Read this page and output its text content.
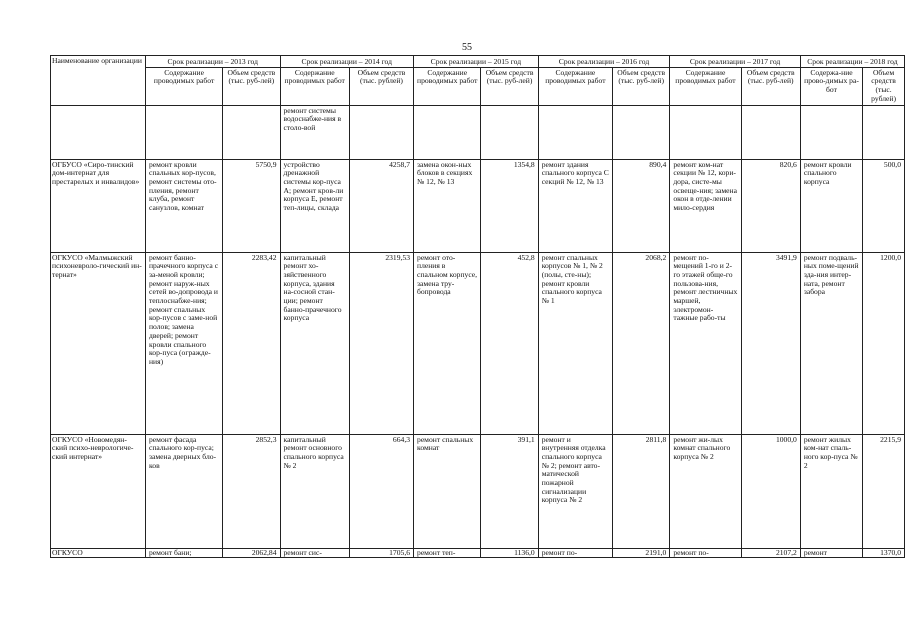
55
Наименование организации	Срок реализации – 2013 год		Срок реализации – 2014 год		Срок реализации – 2015 год		Срок реализации – 2016 год		Срок реализации – 2017 год		Срок реализации – 2018 год	
	Содержание проводимых работ	Объем средств (тыс. руб-лей)	Содержание проводимых работ	Объем средств (тыс. рублей)	Содержание проводимых работ	Объем средств (тыс. руб-лей)	Содержание проводимых работ	Объем средств (тыс. руб-лей)	Содержание проводимых работ	Объем средств (тыс. руб-лей)	Содержа-ние прово-димых ра-бот	Объем средств (тыс. рублей)
			ремонт системы водоснабже-ния в столо-вой									
ОГБУСО «Сиро-тинский дом-интернат для престарелых и инвалидов»	ремонт кровли спальных кор-пусов, ремонт системы ото-пления, ремонт клуба, ремонт санузлов, комнат	5750,9	устройство дренажной системы кор-пуса А; ремонт кров-ли корпуса Е, ремонт теп-лицы, склада	4258,7	замена окон-ных блоков в секциях № 12, № 13	1354,8	ремонт здания спального корпуса С секций № 12, № 13	890,4	ремонт ком-нат секции № 12, кори-дора, систе-мы освеще-ния; замена окон в отде-лении мило-сердия	820,6	ремонт кровли спального корпуса	500,0
ОГКУСО «Малмыжский психоневроло-гический ин-тернат»	ремонт банно-прачечного корпуса с за-меной кровли; ремонт наруж-ных сетей во-допровода и теплоснабже-ния; ремонт спальных кор-пусов с заме-ной полов; замена дверей; ремонт кровли спального кор-пуса (огражде-ния)	2283,42	капитальный ремонт хо-зяйственного корпуса, здания на-сосной стан-ции; ремонт банно-прачечного корпуса	2319,53	ремонт ото-пления в спальном корпусе, замена тру-бопровода	452,8	ремонт спальных корпусов № 1, № 2 (полы, сте-ны); ремонт кровли спального корпуса № 1	2068,2	ремонт по-мещений 1-го и 2-го этажей обще-го пользова-ния, ремонт лестничных маршей, электромон-тажные рабо-ты	3491,9	ремонт подваль-ных поме-щений зда-ния интер-ната, ремонт забора	1200,0
ОГКУСО «Новомедян-ский психо-неврологиче-ский интернат»	ремонт фасада спального кор-пуса; замена дверных бло-ков	2852,3	капитальный ремонт основного спального корпуса № 2	664,3	ремонт спальных комнат	391,1	ремонт и внутренняя отделка спального корпуса № 2; ремонт авто-матической пожарной сигнализации корпуса № 2	2811,8	ремонт жи-лых комнат спального корпуса № 2	1000,0	ремонт жилых ком-нат спаль-ного кор-пуса № 2	2215,9
ОГКУСО	ремонт бани;	2062,84	ремонт сис-	1705,6	ремонт теп-	1136,0	ремонт по-	2191,0	ремонт по-	2107,2	ремонт	1370,0
